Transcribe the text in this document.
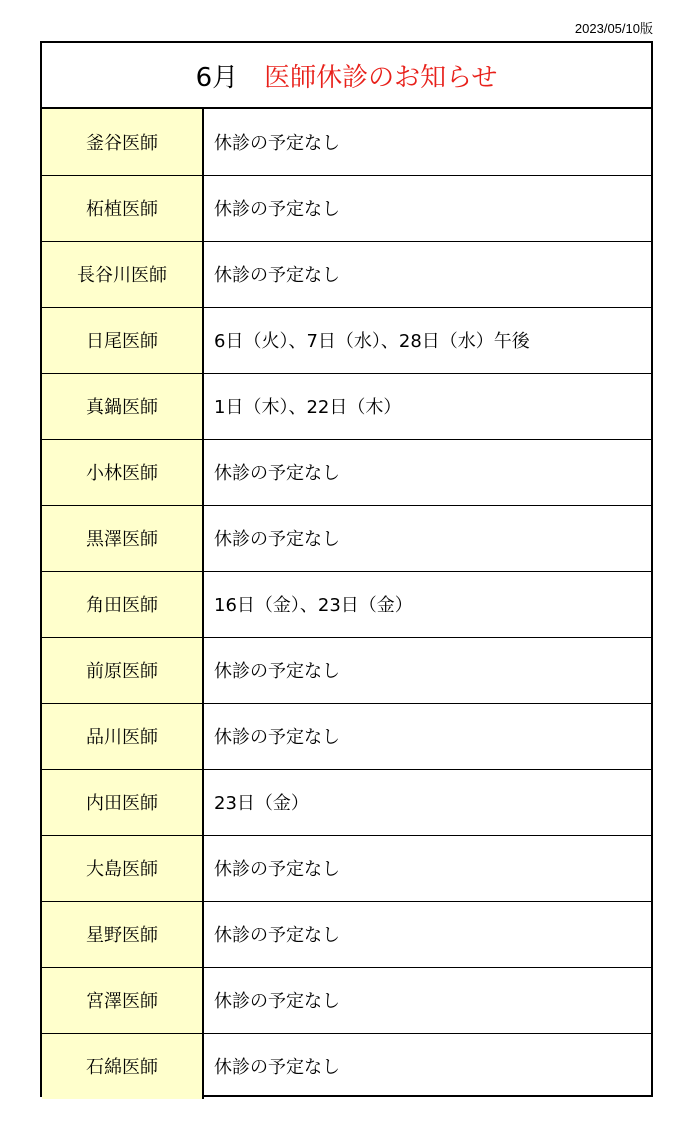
2023/05/10版
6月
　 医師休診のお知らせ
釜谷医師	休診の予定なし
柘植医師	休診の予定なし
長谷川医師	休診の予定なし
日尾医師	6日（火）、7日（水）、28日（水）午後
真鍋医師	1日（木）、22日（木）
小林医師	休診の予定なし
黒澤医師	休診の予定なし
角田医師	16日（金）、23日（金）
前原医師	休診の予定なし
品川医師	休診の予定なし
内田医師	23日（金）
大島医師	休診の予定なし
星野医師	休診の予定なし
宮澤医師	休診の予定なし
石綿医師	休診の予定なし
